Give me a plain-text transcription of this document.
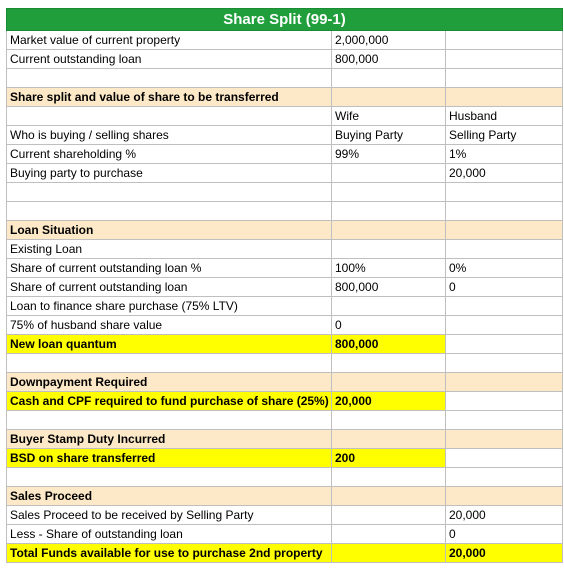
Share Split (99-1)		
Market value of current property	2,000,000	
Current outstanding loan	800,000	

Share split and value of share to be transferred		
	Wife	Husband
Who is buying / selling shares	Buying Party	Selling Party
Current shareholding %	99%	1%
Buying party to purchase		20,000

Loan Situation		
Existing Loan		
Share of current outstanding loan %	100%	0%
Share of current outstanding loan	800,000	0
Loan to finance share purchase (75% LTV)		
75% of husband share value	0	
New loan quantum	800,000	

Downpayment Required		
Cash and CPF required to fund purchase of share (25%)	20,000	

Buyer Stamp Duty Incurred		
BSD on share transferred	200	

Sales Proceed		
Sales Proceed to be received by Selling Party		20,000
Less - Share of outstanding loan		0
Total Funds available for use to purchase 2nd property		20,000
